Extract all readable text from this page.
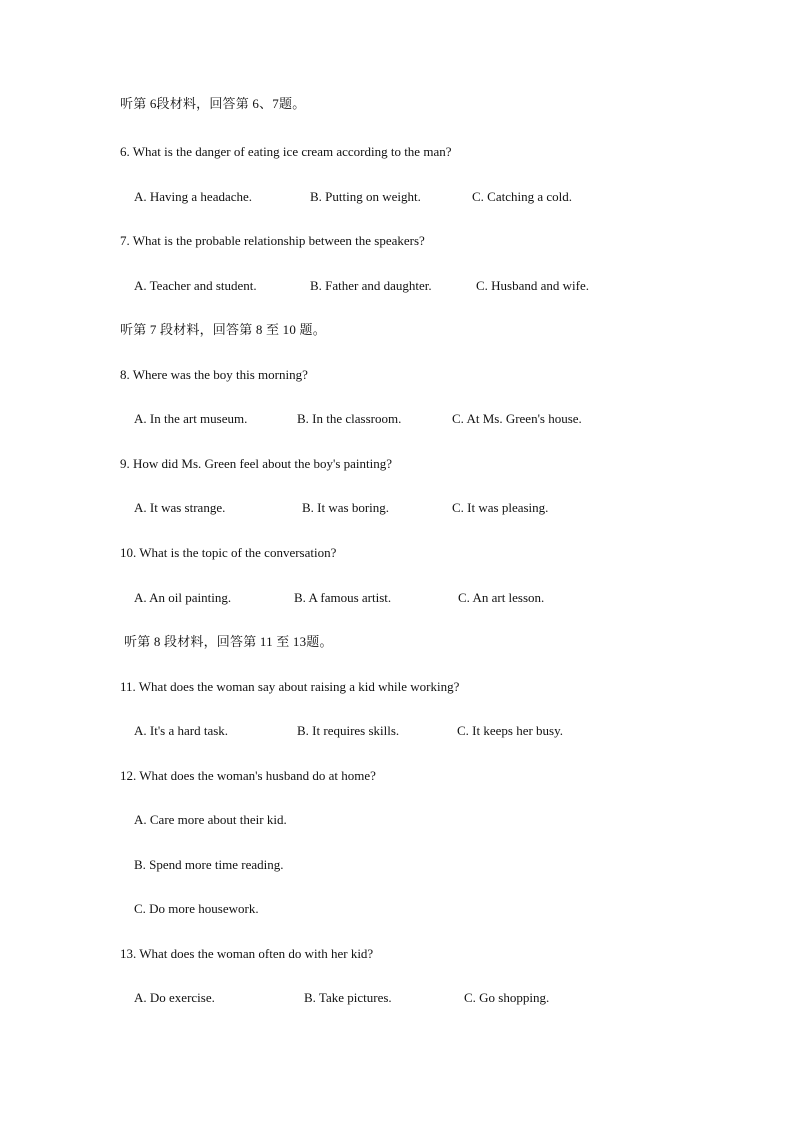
听第 6段材料，回答第 6、7题。

6. What is the danger of eating ice cream according to the man?

A. Having a headache.	B. Putting on weight.	C. Catching a cold.

7. What is the probable relationship between the speakers?

A. Teacher and student.	B. Father and daughter.	C. Husband and wife.

听第 7 段材料，回答第 8 至 10 题。

8. Where was the boy this morning?

A. In the art museum.	B. In the classroom.	C. At Ms. Green's house.

9. How did Ms. Green feel about the boy's painting?

A. It was strange.	B. It was boring.	C. It was pleasing.

10. What is the topic of the conversation?

A. An oil painting.	B. A famous artist.	C. An art lesson.

听第 8 段材料，回答第 11 至 13题。

11. What does the woman say about raising a kid while working?

A. It's a hard task.	B. It requires skills.	C. It keeps her busy.

12. What does the woman's husband do at home?

A. Care more about their kid.
B. Spend more time reading.
C. Do more housework.

13. What does the woman often do with her kid?

A. Do exercise.	B. Take pictures.	C. Go shopping.
